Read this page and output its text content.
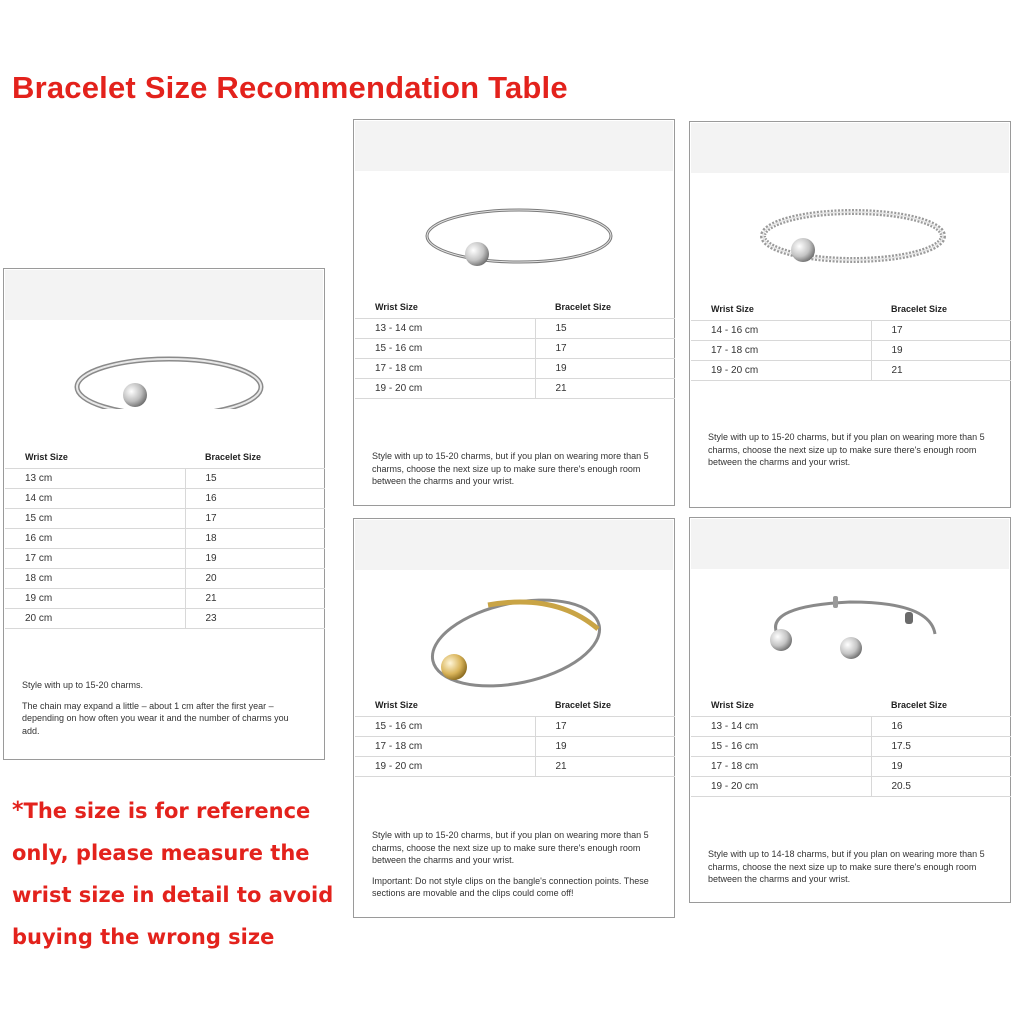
Bracelet Size Recommendation Table
Wrist Size	Bracelet Size
13 cm	15
14 cm	16
15 cm	17
16 cm	18
17 cm	19
18 cm	20
19 cm	21
20 cm	23

Style with up to 15-20 charms.

The chain may expand a little – about 1 cm after the first year – depending on how often you wear it and the number of charms you add.

Wrist Size	Bracelet Size
13 - 14 cm	15
15 - 16 cm	17
17 - 18 cm	19
19 - 20 cm	21

Style with up to 15-20 charms, but if you plan on wearing more than 5 charms, choose the next size up to make sure there's enough room between the charms and your wrist.

Wrist Size	Bracelet Size
14 - 16 cm	17
17 - 18 cm	19
19 - 20 cm	21

Style with up to 15-20 charms, but if you plan on wearing more than 5 charms, choose the next size up to make sure there's enough room between the charms and your wrist.

Wrist Size	Bracelet Size
15 - 16 cm	17
17 - 18 cm	19
19 - 20 cm	21

Style with up to 15-20 charms, but if you plan on wearing more than 5 charms, choose the next size up to make sure there's enough room between the charms and your wrist.

Important: Do not style clips on the bangle's connection points. These sections are movable and the clips could come off!

Wrist Size	Bracelet Size
13 - 14 cm	16
15 - 16 cm	17.5
17 - 18 cm	19
19 - 20 cm	20.5

Style with up to 14-18 charms, but if you plan on wearing more than 5 charms, choose the next size up to make sure there's enough room between the charms and your wrist.

*The size is for reference
only, please measure the
wrist size in detail to avoid
buying the wrong size
